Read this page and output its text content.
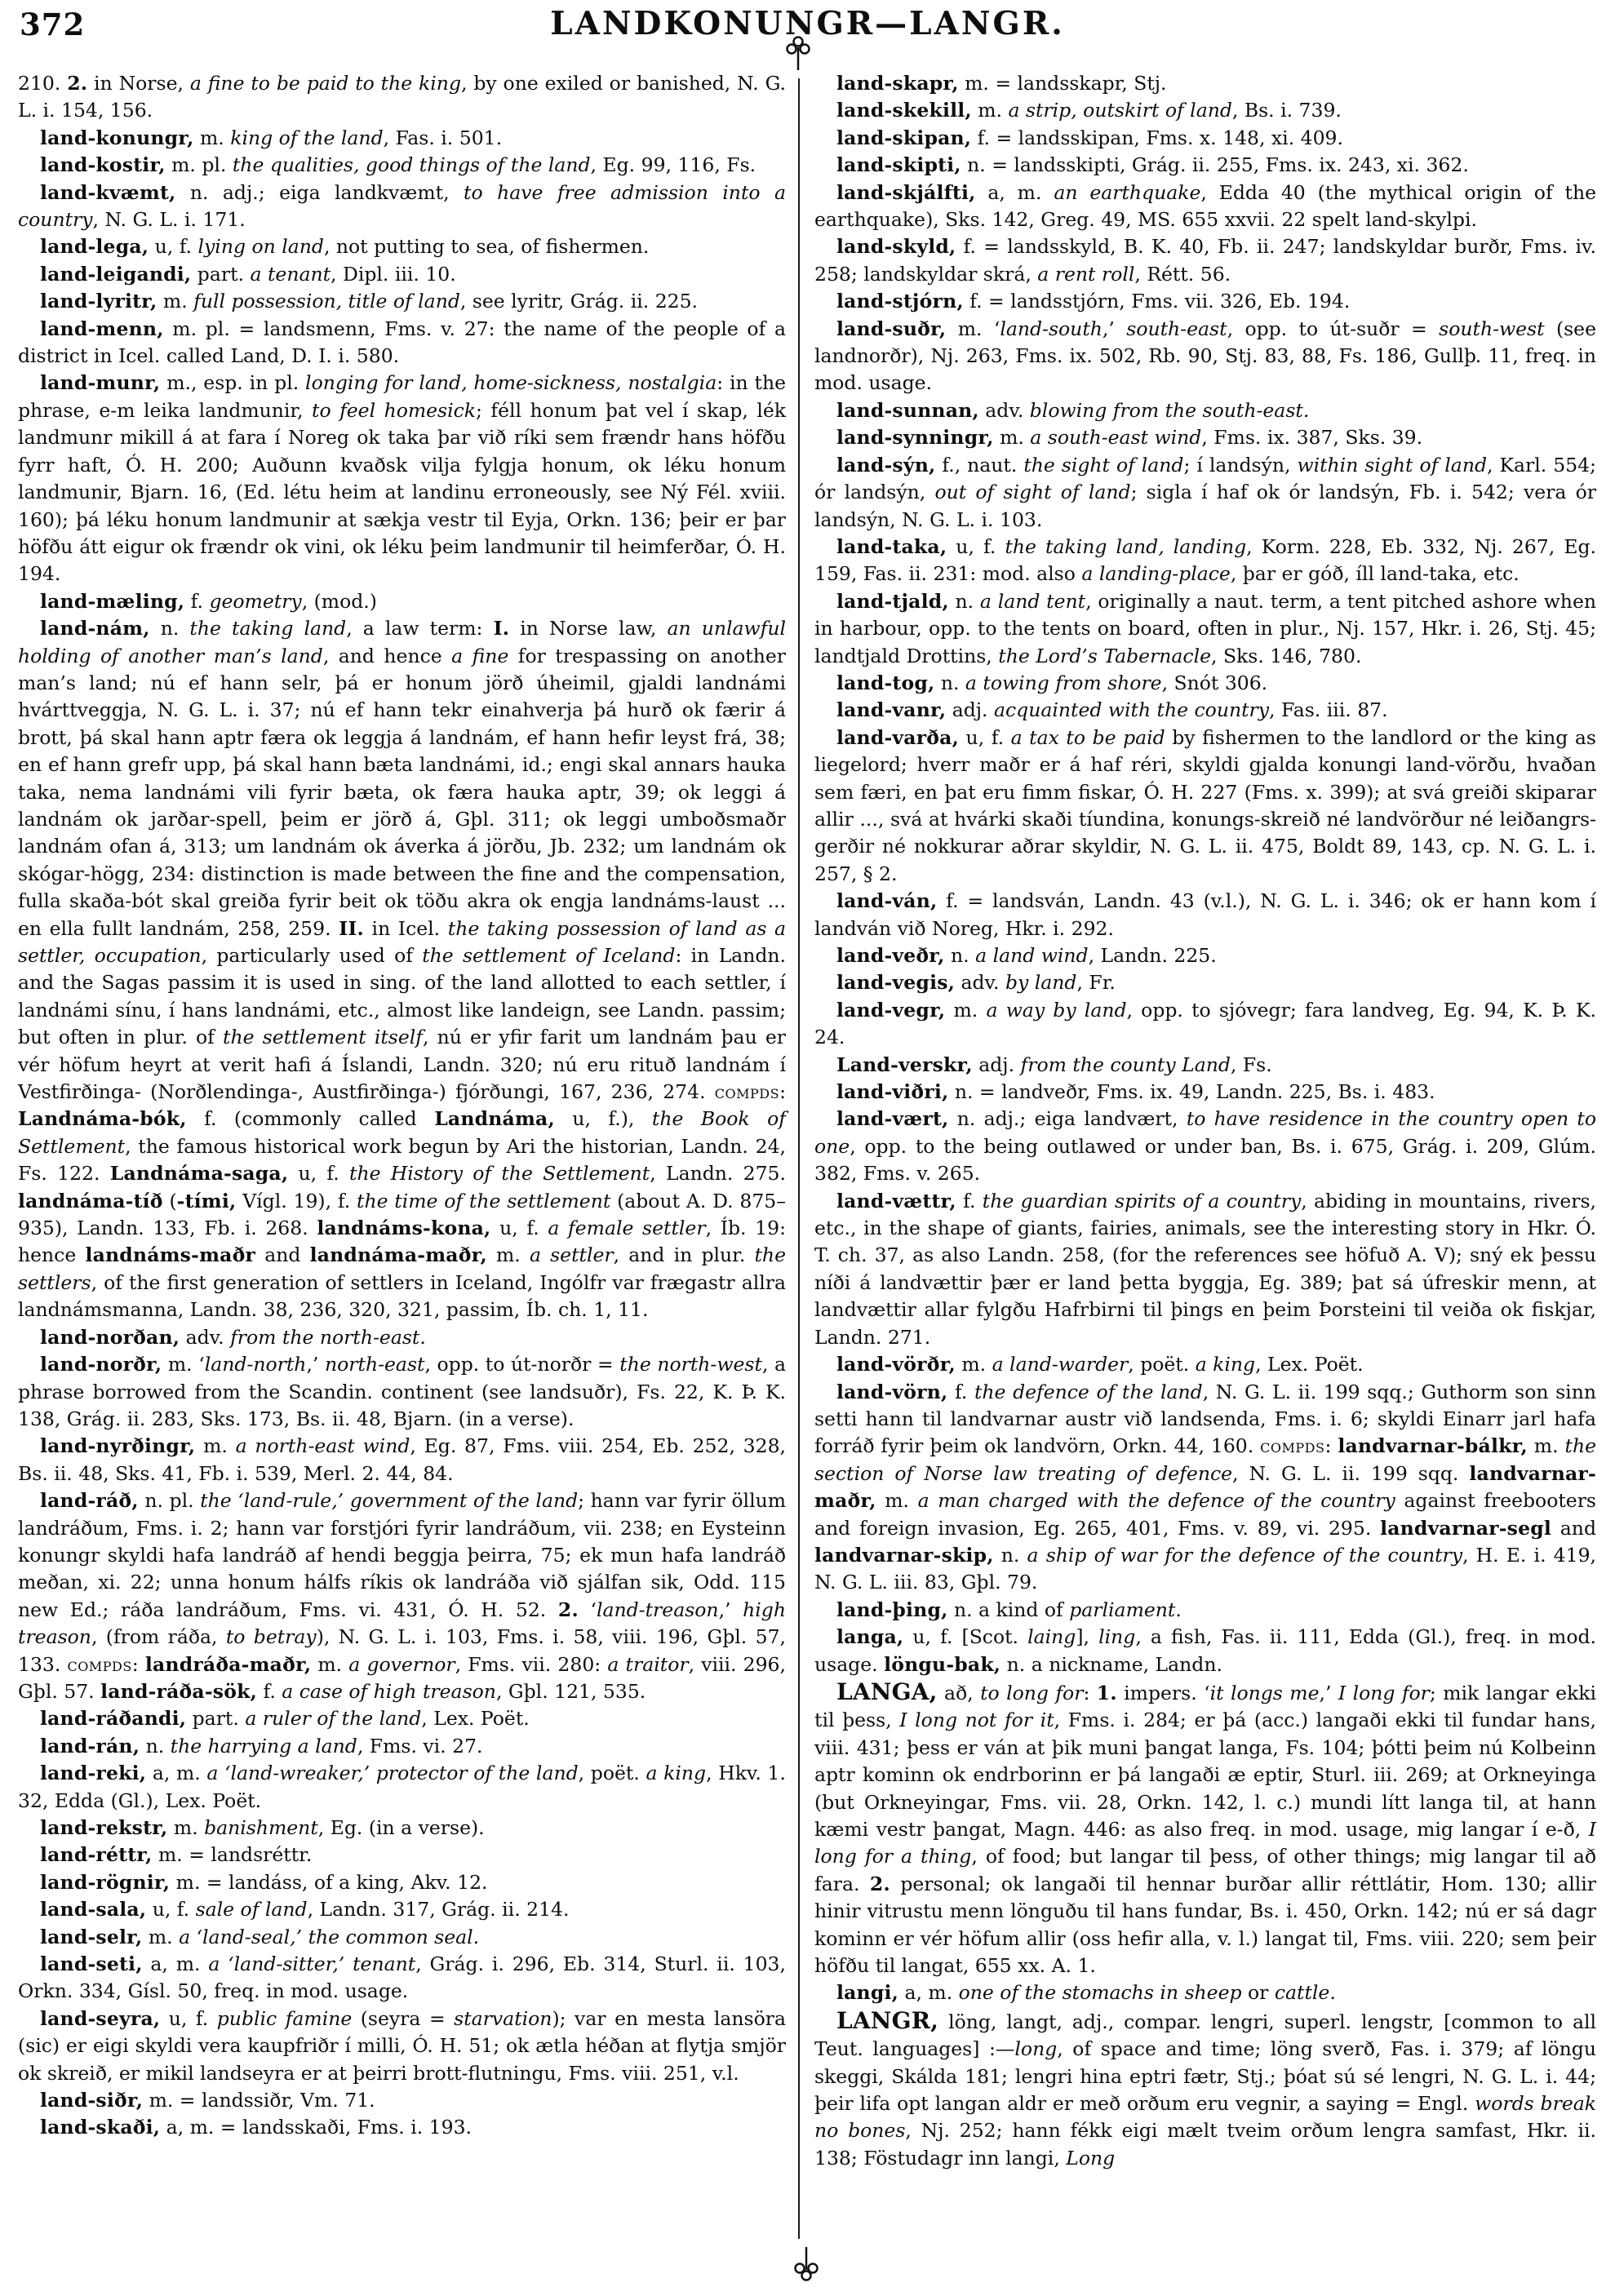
372	LANDKONUNGR—LANGR.

210. 2. in Norse, a fine to be paid to the king, by one exiled or banished, N. G. L. i. 154, 156.

land-konungr, m. king of the land, Fas. i. 501.

land-kostir, m. pl. the qualities, good things of the land, Eg. 99, 116, Fs.

land-kvæmt, n. adj.; eiga landkvæmt, to have free admission into a country, N. G. L. i. 171.

land-lega, u, f. lying on land, not putting to sea, of fishermen.

land-leigandi, part. a tenant, Dipl. iii. 10.

land-lyritr, m. full possession, title of land, see lyritr, Grág. ii. 225.

land-menn, m. pl. = landsmenn, Fms. v. 27: the name of the people of a district in Icel. called Land, D. I. i. 580.

land-munr, m., esp. in pl. longing for land, home-sickness, nostalgia: in the phrase, e-m leika landmunir, to feel homesick; féll honum þat vel í skap, lék landmunr mikill á at fara í Noreg ok taka þar við ríki sem frændr hans höfðu fyrr haft, Ó. H. 200; Auðunn kvaðsk vilja fylgja honum, ok léku honum landmunir, Bjarn. 16, (Ed. létu heim at landinu erroneously, see Ný Fél. xviii. 160); þá léku honum landmunir at sækja vestr til Eyja, Orkn. 136; þeir er þar höfðu átt eigur ok frændr ok vini, ok léku þeim landmunir til heimferðar, Ó. H. 194.

land-mæling, f. geometry, (mod.)

land-nám, n. the taking land, a law term: I. in Norse law, an unlawful holding of another man’s land, and hence a fine for trespassing on another man’s land; nú ef hann selr, þá er honum jörð úheimil, gjaldi landnámi hvárttveggja, N. G. L. i. 37; nú ef hann tekr einahverja þá hurð ok færir á brott, þá skal hann aptr færa ok leggja á landnám, ef hann hefir leyst frá, 38; en ef hann grefr upp, þá skal hann bæta landnámi, id.; engi skal annars hauka taka, nema landnámi vili fyrir bæta, ok færa hauka aptr, 39; ok leggi á landnám ok jarðar-spell, þeim er jörð á, Gþl. 311; ok leggi umboðsmaðr landnám ofan á, 313; um landnám ok áverka á jörðu, Jb. 232; um landnám ok skógar-högg, 234: distinction is made between the fine and the compensation, fulla skaða-bót skal greiða fyrir beit ok töðu akra ok engja landnáms-laust ... en ella fullt landnám, 258, 259. II. in Icel. the taking possession of land as a settler, occupation, particularly used of the settlement of Iceland: in Landn. and the Sagas passim it is used in sing. of the land allotted to each settler, í landnámi sínu, í hans landnámi, etc., almost like landeign, see Landn. passim; but often in plur. of the settlement itself, nú er yfir farit um landnám þau er vér höfum heyrt at verit hafi á Íslandi, Landn. 320; nú eru rituð landnám í Vestfirðinga- (Norðlendinga-, Austfirðinga-) fjórðungi, 167, 236, 274. compds: Landnáma-bók, f. (commonly called Landnáma, u, f.), the Book of Settlement, the famous historical work begun by Ari the historian, Landn. 24, Fs. 122. Landnáma-saga, u, f. the History of the Settlement, Landn. 275. landnáma-tíð (-tími, Vígl. 19), f. the time of the settlement (about A. D. 875–935), Landn. 133, Fb. i. 268. landnáms-kona, u, f. a female settler, Íb. 19: hence landnáms-maðr and landnáma-maðr, m. a settler, and in plur. the settlers, of the first generation of settlers in Iceland, Ingólfr var frægastr allra landnámsmanna, Landn. 38, 236, 320, 321, passim, Íb. ch. 1, 11.

land-norðan, adv. from the north-east.

land-norðr, m. ‘land-north,’ north-east, opp. to út-norðr = the north-west, a phrase borrowed from the Scandin. continent (see landsuðr), Fs. 22, K. Þ. K. 138, Grág. ii. 283, Sks. 173, Bs. ii. 48, Bjarn. (in a verse).

land-nyrðingr, m. a north-east wind, Eg. 87, Fms. viii. 254, Eb. 252, 328, Bs. ii. 48, Sks. 41, Fb. i. 539, Merl. 2. 44, 84.

land-ráð, n. pl. the ‘land-rule,’ government of the land; hann var fyrir öllum landráðum, Fms. i. 2; hann var forstjóri fyrir landráðum, vii. 238; en Eysteinn konungr skyldi hafa landráð af hendi beggja þeirra, 75; ek mun hafa landráð meðan, xi. 22; unna honum hálfs ríkis ok landráða við sjálfan sik, Odd. 115 new Ed.; ráða landráðum, Fms. vi. 431, Ó. H. 52. 2. ‘land-treason,’ high treason, (from ráða, to betray), N. G. L. i. 103, Fms. i. 58, viii. 196, Gþl. 57, 133. compds: landráða-maðr, m. a governor, Fms. vii. 280: a traitor, viii. 296, Gþl. 57. land-ráða-sök, f. a case of high treason, Gþl. 121, 535.

land-ráðandi, part. a ruler of the land, Lex. Poët.

land-rán, n. the harrying a land, Fms. vi. 27.

land-reki, a, m. a ‘land-wreaker,’ protector of the land, poët. a king, Hkv. 1. 32, Edda (Gl.), Lex. Poët.

land-rekstr, m. banishment, Eg. (in a verse).

land-réttr, m. = landsréttr.

land-rögnir, m. = landáss, of a king, Akv. 12.

land-sala, u, f. sale of land, Landn. 317, Grág. ii. 214.

land-selr, m. a ‘land-seal,’ the common seal.

land-seti, a, m. a ‘land-sitter,’ tenant, Grág. i. 296, Eb. 314, Sturl. ii. 103, Orkn. 334, Gísl. 50, freq. in mod. usage.

land-seyra, u, f. public famine (seyra = starvation); var en mesta lansöra (sic) er eigi skyldi vera kaupfriðr í milli, Ó. H. 51; ok ætla héðan at flytja smjör ok skreið, er mikil landseyra er at þeirri brott-flutningu, Fms. viii. 251, v.l.

land-siðr, m. = landssiðr, Vm. 71.

land-skaði, a, m. = landsskaði, Fms. i. 193.

land-skapr, m. = landsskapr, Stj.

land-skekill, m. a strip, outskirt of land, Bs. i. 739.

land-skipan, f. = landsskipan, Fms. x. 148, xi. 409.

land-skipti, n. = landsskipti, Grág. ii. 255, Fms. ix. 243, xi. 362.

land-skjálfti, a, m. an earthquake, Edda 40 (the mythical origin of the earthquake), Sks. 142, Greg. 49, MS. 655 xxvii. 22 spelt land-skylpi.

land-skyld, f. = landsskyld, B. K. 40, Fb. ii. 247; landskyldar burðr, Fms. iv. 258; landskyldar skrá, a rent roll, Rétt. 56.

land-stjórn, f. = landsstjórn, Fms. vii. 326, Eb. 194.

land-suðr, m. ‘land-south,’ south-east, opp. to út-suðr = south-west (see landnorðr), Nj. 263, Fms. ix. 502, Rb. 90, Stj. 83, 88, Fs. 186, Gullþ. 11, freq. in mod. usage.

land-sunnan, adv. blowing from the south-east.

land-synningr, m. a south-east wind, Fms. ix. 387, Sks. 39.

land-sýn, f., naut. the sight of land; í landsýn, within sight of land, Karl. 554; ór landsýn, out of sight of land; sigla í haf ok ór landsýn, Fb. i. 542; vera ór landsýn, N. G. L. i. 103.

land-taka, u, f. the taking land, landing, Korm. 228, Eb. 332, Nj. 267, Eg. 159, Fas. ii. 231: mod. also a landing-place, þar er góð, íll land-taka, etc.

land-tjald, n. a land tent, originally a naut. term, a tent pitched ashore when in harbour, opp. to the tents on board, often in plur., Nj. 157, Hkr. i. 26, Stj. 45; landtjald Drottins, the Lord’s Tabernacle, Sks. 146, 780.

land-tog, n. a towing from shore, Snót 306.

land-vanr, adj. acquainted with the country, Fas. iii. 87.

land-varða, u, f. a tax to be paid by fishermen to the landlord or the king as liegelord; hverr maðr er á haf réri, skyldi gjalda konungi land-vörðu, hvaðan sem færi, en þat eru fimm fiskar, Ó. H. 227 (Fms. x. 399); at svá greiði skiparar allir ..., svá at hvárki skaði tíundina, konungs-skreið né landvörður né leiðangrs-gerðir né nokkurar aðrar skyldir, N. G. L. ii. 475, Boldt 89, 143, cp. N. G. L. i. 257, § 2.

land-ván, f. = landsván, Landn. 43 (v.l.), N. G. L. i. 346; ok er hann kom í landván við Noreg, Hkr. i. 292.

land-veðr, n. a land wind, Landn. 225.

land-vegis, adv. by land, Fr.

land-vegr, m. a way by land, opp. to sjóvegr; fara landveg, Eg. 94, K. Þ. K. 24.

Land-verskr, adj. from the county Land, Fs.

land-viðri, n. = landveðr, Fms. ix. 49, Landn. 225, Bs. i. 483.

land-vært, n. adj.; eiga landvært, to have residence in the country open to one, opp. to the being outlawed or under ban, Bs. i. 675, Grág. i. 209, Glúm. 382, Fms. v. 265.

land-vættr, f. the guardian spirits of a country, abiding in mountains, rivers, etc., in the shape of giants, fairies, animals, see the interesting story in Hkr. Ó. T. ch. 37, as also Landn. 258, (for the references see höfuð A. V); sný ek þessu níði á landvættir þær er land þetta byggja, Eg. 389; þat sá úfreskir menn, at landvættir allar fylgðu Hafrbirni til þings en þeim Þorsteini til veiða ok fiskjar, Landn. 271.

land-vörðr, m. a land-warder, poët. a king, Lex. Poët.

land-vörn, f. the defence of the land, N. G. L. ii. 199 sqq.; Guthorm son sinn setti hann til landvarnar austr við landsenda, Fms. i. 6; skyldi Einarr jarl hafa forráð fyrir þeim ok landvörn, Orkn. 44, 160. compds: landvarnar-bálkr, m. the section of Norse law treating of defence, N. G. L. ii. 199 sqq. landvarnar-maðr, m. a man charged with the defence of the country against freebooters and foreign invasion, Eg. 265, 401, Fms. v. 89, vi. 295. landvarnar-segl and landvarnar-skip, n. a ship of war for the defence of the country, H. E. i. 419, N. G. L. iii. 83, Gþl. 79.

land-þing, n. a kind of parliament.

langa, u, f. [Scot. laing], ling, a fish, Fas. ii. 111, Edda (Gl.), freq. in mod. usage. löngu-bak, n. a nickname, Landn.

LANGA, að, to long for: 1. impers. ‘it longs me,’ I long for; mik langar ekki til þess, I long not for it, Fms. i. 284; er þá (acc.) langaði ekki til fundar hans, viii. 431; þess er ván at þik muni þangat langa, Fs. 104; þótti þeim nú Kolbeinn aptr kominn ok endrborinn er þá langaði æ eptir, Sturl. iii. 269; at Orkneyinga (but Orkneyingar, Fms. vii. 28, Orkn. 142, l. c.) mundi lítt langa til, at hann kæmi vestr þangat, Magn. 446: as also freq. in mod. usage, mig langar í e-ð, I long for a thing, of food; but langar til þess, of other things; mig langar til að fara. 2. personal; ok langaði til hennar burðar allir réttlátir, Hom. 130; allir hinir vitrustu menn lönguðu til hans fundar, Bs. i. 450, Orkn. 142; nú er sá dagr kominn er vér höfum allir (oss hefir alla, v. l.) langat til, Fms. viii. 220; sem þeir höfðu til langat, 655 xx. A. 1.

langi, a, m. one of the stomachs in sheep or cattle.

LANGR, löng, langt, adj., compar. lengri, superl. lengstr, [common to all Teut. languages] :—long, of space and time; löng sverð, Fas. i. 379; af löngu skeggi, Skálda 181; lengri hina eptri fætr, Stj.; þóat sú sé lengri, N. G. L. i. 44; þeir lifa opt langan aldr er með orðum eru vegnir, a saying = Engl. words break no bones, Nj. 252; hann fékk eigi mælt tveim orðum lengra samfast, Hkr. ii. 138; Föstudagr inn langi, Long
